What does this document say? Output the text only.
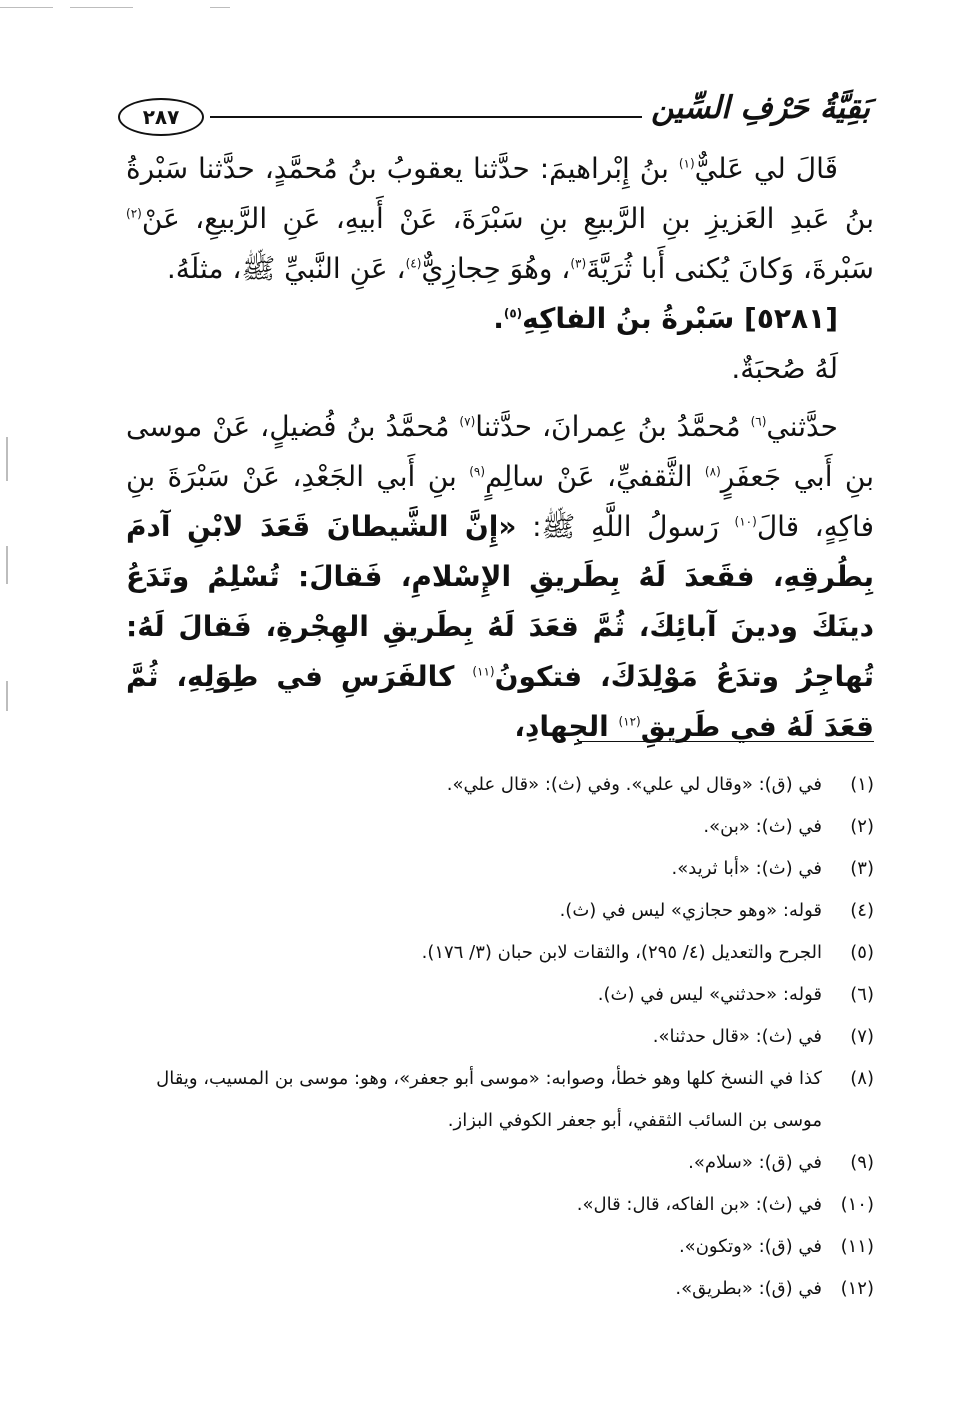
٢٨٧	بَقِيَّةُ حَرْفِ السِّين

قَالَ لي عَليٌّ$^{(١)}$ بنُ إِبْراهيمَ: حدَّثنا يعقوبُ بنُ مُحمَّدٍ، حدَّثنا سَبْرةُ بنُ عَبدِ العَزيزِ بنِ الرَّبيعِ بنِ سَبْرَةَ، عَنْ أَبيهِ، عَنِ الرَّبيعِ، عَنْ$^{(٢)}$ سَبْرةَ، وَكانَ يُكنى أَبا ثُرَيَّةَ$^{(٣)}$، وهُوَ حِجازِيٌّ$^{(٤)}$، عَنِ النَّبيِّ ﷺ، مثلَهُ.

[٥٢٨١] سَبْرةُ بنُ الفاكِهِ$^{(٥)}$.

لَهُ صُحبَةٌ.

حدَّثني$^{(٦)}$ مُحمَّدُ بنُ عِمرانَ، حدَّثنا$^{(٧)}$ مُحمَّدُ بنُ فُضيلٍ، عَنْ موسى بنِ أَبي جَعفَرٍ$^{(٨)}$ الثَّقفيِّ، عَنْ سالِمٍ$^{(٩)}$ بنِ أَبي الجَعْدِ، عَنْ سَبْرَةَ بنِ فاكِهٍ، قالَ$^{(١٠)}$ رَسولُ اللَّهِ ﷺ: «إِنَّ الشَّيطانَ قَعَدَ لابْنِ آدمَ بِطُرقِهِ، فقَعدَ لَهُ بِطَريقِ الإِسْلامِ، فَقالَ: تُسْلِمُ وتَدَعُ دينَكَ ودينَ آبائِكَ، ثُمَّ قعَدَ لَهُ بِطَريقِ الهِجْرةِ، فَقالَ لَهُ: تُهاجِرُ وتدَعُ مَوْلِدَكَ، فتكونُ$^{(١١)}$ كالفَرَسِ في طِوَلِهِ، ثُمَّ قعَدَ لَهُ في طَريقِ$^{(١٢)}$ الجِهادِ،

(١)
في (ق): «وقال لي علي». وفي (ث): «قال علي».
(٢)
في (ث): «بن».
(٣)
في (ث): «أبا ثريد».
(٤)
قوله: «وهو حجازي» ليس في (ث).
(٥)
الجرح والتعديل (٤/ ٢٩٥)، والثقات لابن حبان (٣/ ١٧٦).
(٦)
قوله: «حدثني» ليس في (ث).
(٧)
في (ث): «قال حدثنا».
(٨)
كذا في النسخ كلها وهو خطأ، وصوابه: «موسى أبو جعفر»، وهو: موسى بن المسيب، ويقال موسى بن السائب الثقفي، أبو جعفر الكوفي البزاز.
(٩)
في (ق): «سلام».
(١٠)
في (ث): «بن الفاكه، قال: قال».
(١١)
في (ق): «وتكون».
(١٢)
في (ق): «بطريق».
